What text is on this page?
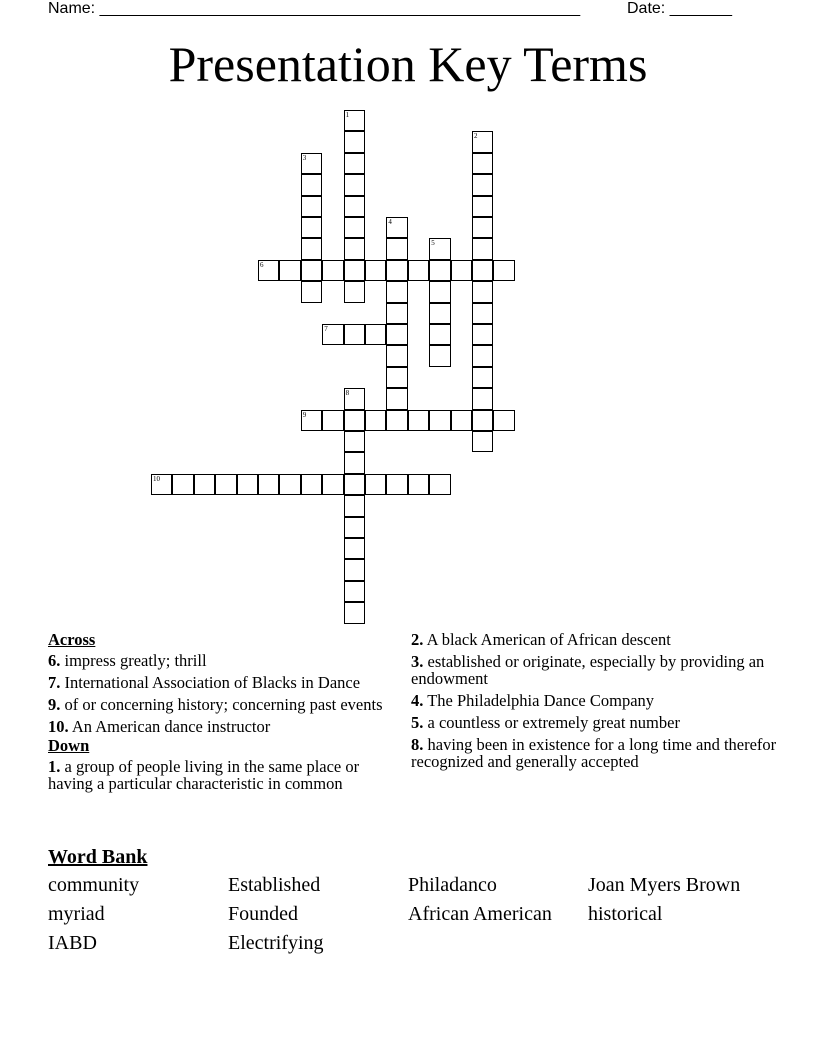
Name: ______________________________________________________	Date: _______
Presentation Key Terms
1
2
3
4
5
6
7
8
9
10
Across
6. impress greatly; thrill
7. International Association of Blacks in Dance
9. of or concerning history; concerning past events
10. An American dance instructor
Down
1. a group of people living in the same place or having a particular characteristic in common
2. A black American of African descent
3. established or originate, especially by providing an endowment
4. The Philadelphia Dance Company
5. a countless or extremely great number
8. having been in existence for a long time and therefor recognized and generally accepted
Word Bank
community	Established	Philadanco	Joan Myers Brown
myriad	Founded	African American	historical
IABD	Electrifying
